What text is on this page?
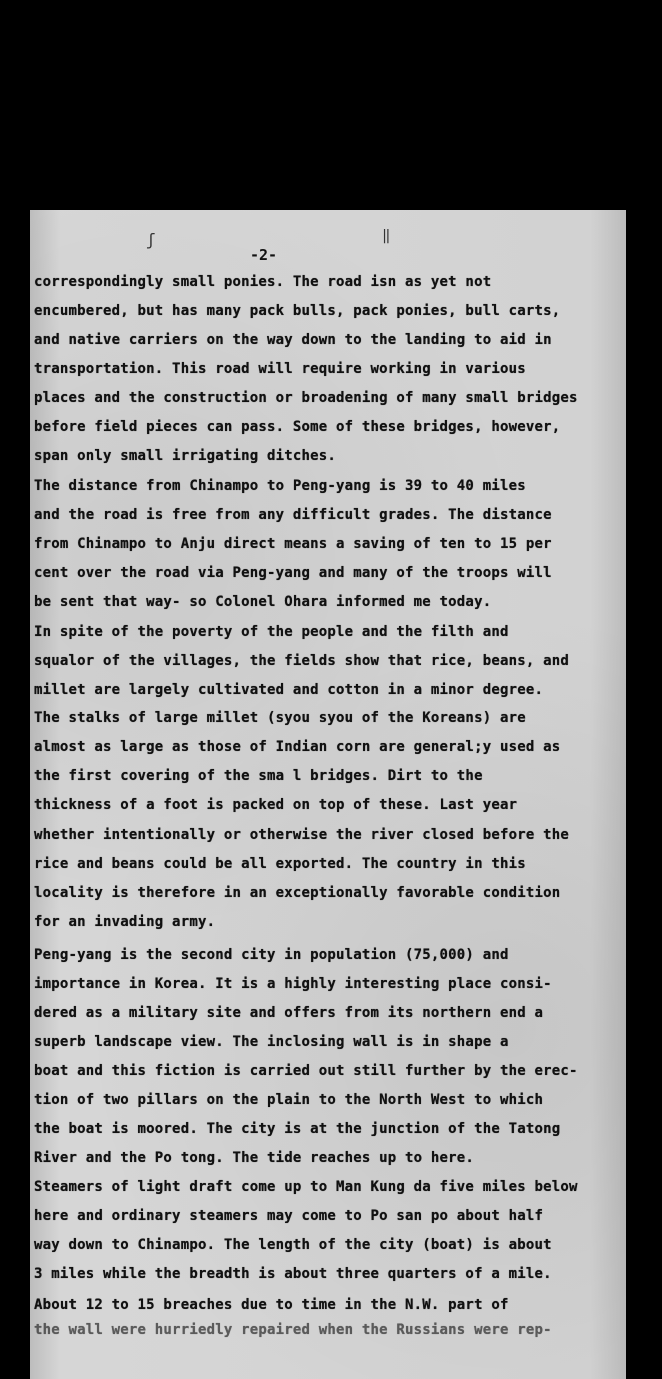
ʃ	‖
-2-
correspondingly small ponies. The road isn as yet not
encumbered, but has many pack bulls, pack ponies, bull carts,
and native carriers on the way down to the landing to aid in
transportation. This road will require working in various
places and the construction or broadening of many small bridges
before field pieces can pass. Some of these bridges, however,
span only small irrigating ditches.
The distance from Chinampo to Peng-yang is 39 to 40 miles
and the road is free from any difficult grades. The distance
from Chinampo to Anju direct means a saving of ten to 15 per
cent over the road via Peng-yang and many of the troops will
be sent that way- so Colonel Ohara informed me today.
In spite of the poverty of the people and the filth and
squalor of the villages, the fields show that rice, beans, and
millet are largely cultivated and cotton in a minor degree.
The stalks of large millet (syou syou of the Koreans) are
almost as large as those of Indian corn are general;y used as
the first covering of the sma l bridges. Dirt to the
thickness of a foot is packed on top of these. Last year
whether intentionally or otherwise the river closed before the
rice and beans could be all exported. The country in this
locality is therefore in an exceptionally favorable condition
for an invading army.
Peng-yang is the second city in population (75,000) and
importance in Korea. It is a highly interesting place consi-
dered as a military site and offers from its northern end a
superb landscape view. The inclosing wall is in shape a
boat and this fiction is carried out still further by the erec-
tion of two pillars on the plain to the North West to which
the boat is moored. The city is at the junction of the Tatong
River and the Po tong. The tide reaches up to here.
Steamers of light draft come up to Man Kung da five miles below
here and ordinary steamers may come to Po san po about half
way down to Chinampo. The length of the city (boat) is about
3 miles while the breadth is about three quarters of a mile.
About 12 to 15 breaches due to time in the N.W. part of
the wall were hurriedly repaired when the Russians were rep-
